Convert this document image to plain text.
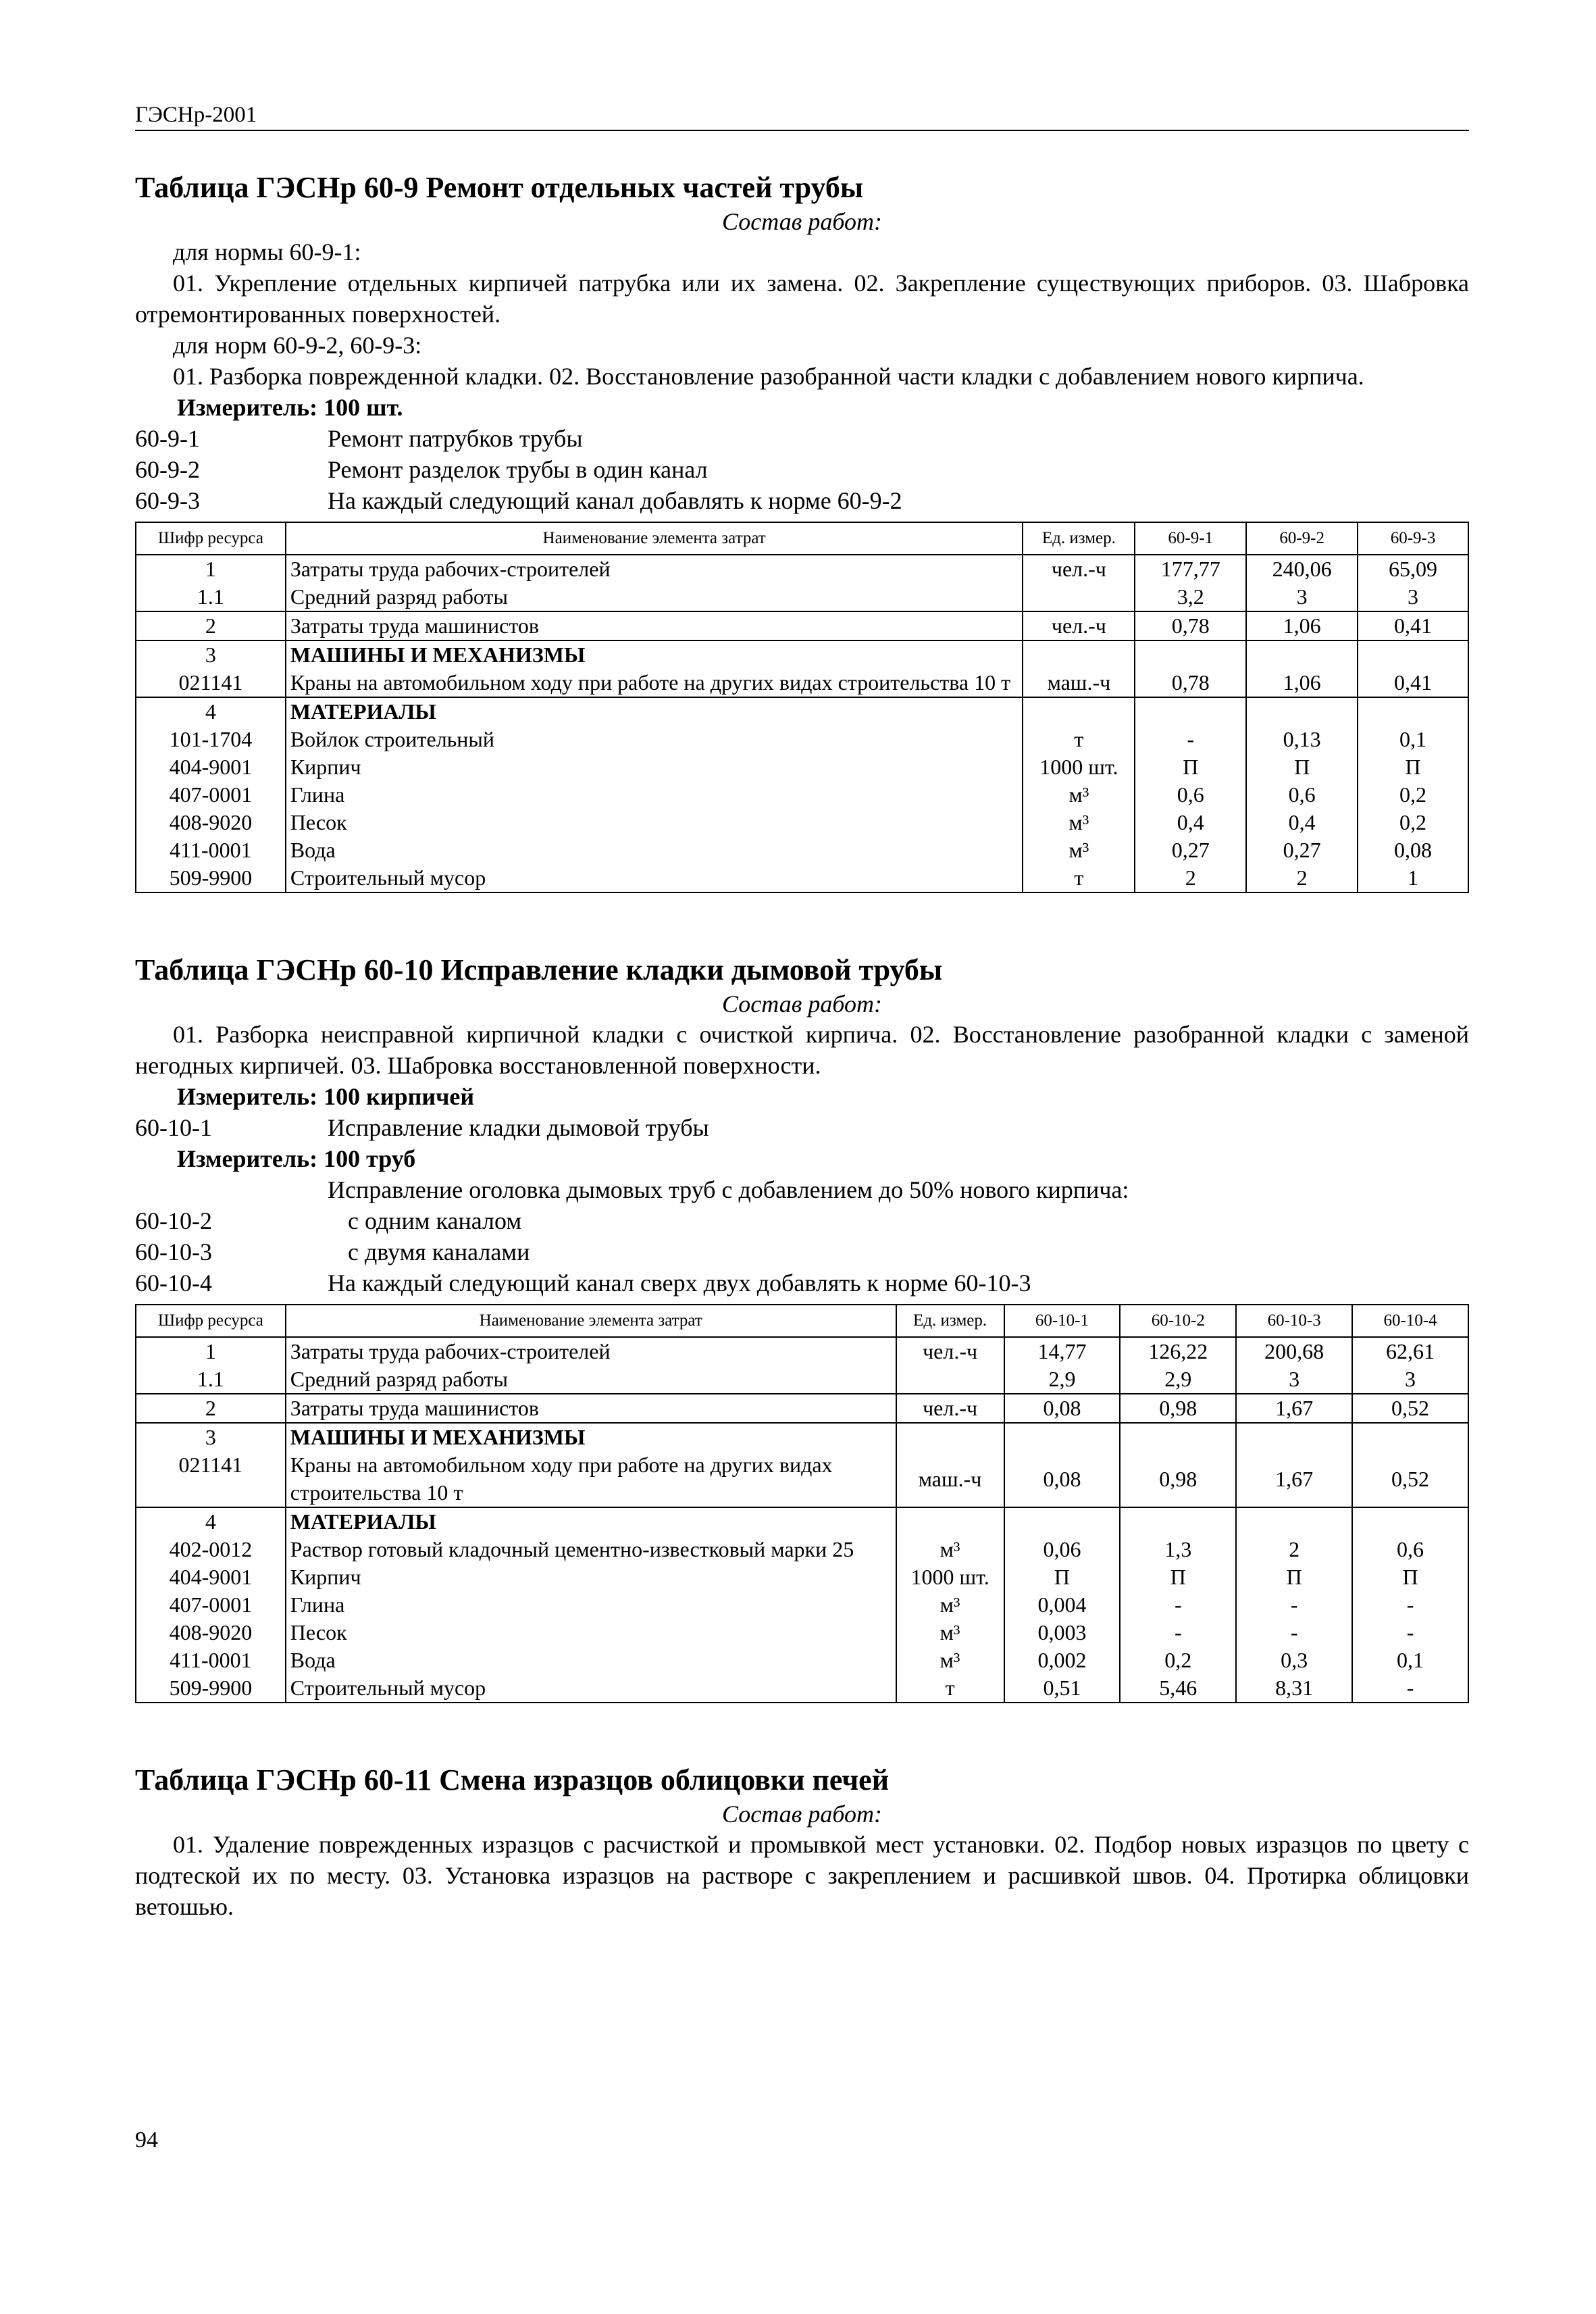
ГЭСНр-2001
Таблица ГЭСНр 60-9 Ремонт отдельных частей трубы
Состав работ:
для нормы 60-9-1:
01. Укрепление отдельных кирпичей патрубка или их замена. 02. Закрепление существующих приборов. 03. Шабровка отремонтированных поверхностей.
для норм 60-9-2, 60-9-3:
01. Разборка поврежденной кладки. 02. Восстановление разобранной части кладки с добавлением нового кирпича.
Измеритель: 100 шт.
60-9-1	Ремонт патрубков трубы
60-9-2	Ремонт разделок трубы в один канал
60-9-3	На каждый следующий канал добавлять к норме 60-9-2
Шифр ресурса	Наименование элемента затрат	Ед. измер.	60-9-1	60-9-2	60-9-3
1	Затраты труда рабочих-строителей	чел.-ч	177,77	240,06	65,09
1.1	Средний разряд работы		3,2	3	3
2	Затраты труда машинистов	чел.-ч	0,78	1,06	0,41
3	МАШИНЫ И МЕХАНИЗМЫ				
021141	Краны на автомобильном ходу при работе на других видах строительства 10 т	маш.-ч	0,78	1,06	0,41
4	МАТЕРИАЛЫ				
101-1704	Войлок строительный	т	-	0,13	0,1
404-9001	Кирпич	1000 шт.	П	П	П
407-0001	Глина	м³	0,6	0,6	0,2
408-9020	Песок	м³	0,4	0,4	0,2
411-0001	Вода	м³	0,27	0,27	0,08
509-9900	Строительный мусор	т	2	2	1
Таблица ГЭСНр 60-10 Исправление кладки дымовой трубы
Состав работ:
01. Разборка неисправной кирпичной кладки с очисткой кирпича. 02. Восстановление разобранной кладки с заменой негодных кирпичей. 03. Шабровка восстановленной поверхности.
Измеритель: 100 кирпичей
60-10-1	Исправление кладки дымовой трубы
Измеритель: 100 труб
Исправление оголовка дымовых труб с добавлением до 50% нового кирпича:
60-10-2	с одним каналом
60-10-3	с двумя каналами
60-10-4	На каждый следующий канал сверх двух добавлять к норме 60-10-3
Шифр ресурса	Наименование элемента затрат	Ед. измер.	60-10-1	60-10-2	60-10-3	60-10-4
1	Затраты труда рабочих-строителей	чел.-ч	14,77	126,22	200,68	62,61
1.1	Средний разряд работы		2,9	2,9	3	3
2	Затраты труда машинистов	чел.-ч	0,08	0,98	1,67	0,52
3	МАШИНЫ И МЕХАНИЗМЫ					
021141	Краны на автомобильном ходу при работе на других видах строительства 10 т	маш.-ч	0,08	0,98	1,67	0,52
4	МАТЕРИАЛЫ					
402-0012	Раствор готовый кладочный цементно-известковый марки 25	м³	0,06	1,3	2	0,6
404-9001	Кирпич	1000 шт.	П	П	П	П
407-0001	Глина	м³	0,004	-	-	-
408-9020	Песок	м³	0,003	-	-	-
411-0001	Вода	м³	0,002	0,2	0,3	0,1
509-9900	Строительный мусор	т	0,51	5,46	8,31	-
Таблица ГЭСНр 60-11 Смена изразцов облицовки печей
Состав работ:
01. Удаление поврежденных изразцов с расчисткой и промывкой мест установки. 02. Подбор новых изразцов по цвету с подтеской их по месту. 03. Установка изразцов на растворе с закреплением и расшивкой швов. 04. Протирка облицовки ветошью.
94
